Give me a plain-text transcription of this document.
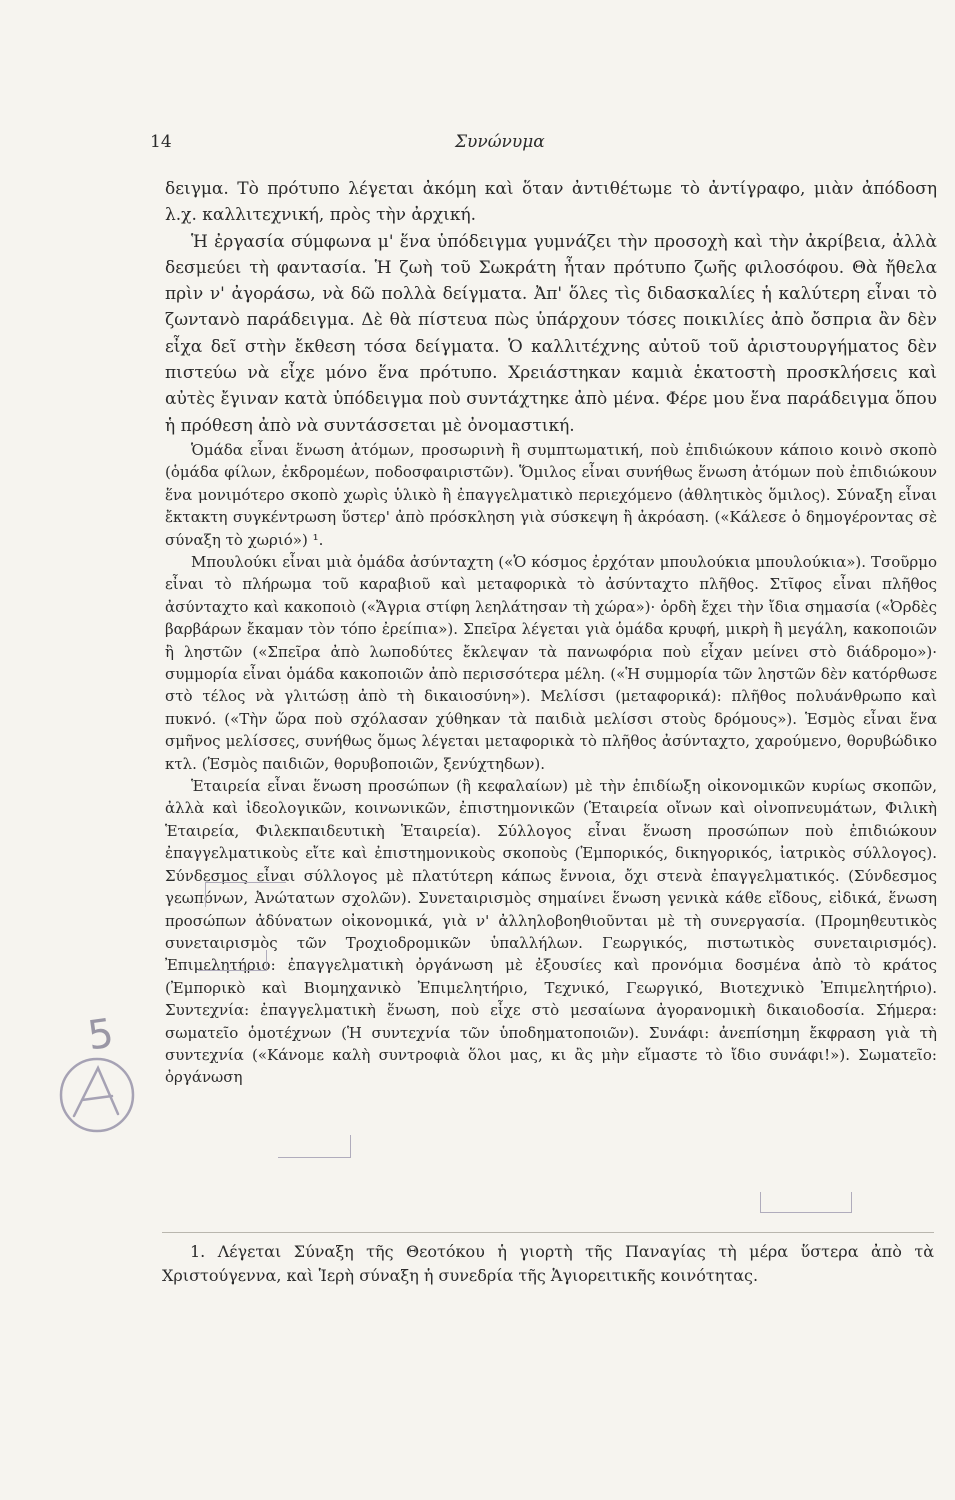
14	Συνώνυμα

δειγμα. Τὸ πρότυπο λέγεται ἀκόμη καὶ ὅταν ἀντιθέτωμε τὸ ἀντίγραφο, μιὰν ἀπόδοση λ.χ. καλλιτεχνική, πρὸς τὴν ἀρχική.

Ἡ ἐργασία σύμφωνα μ' ἕνα ὑπόδειγμα γυμνάζει τὴν προσοχὴ καὶ τὴν ἀκρίβεια, ἀλλὰ δεσμεύει τὴ φαντασία. Ἡ ζωὴ τοῦ Σωκράτη ἦταν πρότυπο ζωῆς φιλοσόφου. Θὰ ἤθελα πρὶν ν' ἀγοράσω, νὰ δῶ πολλὰ δείγματα. Ἀπ' ὅλες τὶς διδασκαλίες ἡ καλύτερη εἶναι τὸ ζωντανὸ παράδειγμα. Δὲ θὰ πίστευα πὼς ὑπάρχουν τόσες ποικιλίες ἀπὸ ὄσπρια ἂν δὲν εἶχα δεῖ στὴν ἔκθεση τόσα δείγματα. Ὁ καλλιτέχνης αὐτοῦ τοῦ ἀριστουργήματος δὲν πιστεύω νὰ εἶχε μόνο ἕνα πρότυπο. Χρειάστηκαν καμιὰ ἑκατοστὴ προσκλήσεις καὶ αὐτὲς ἔγιναν κατὰ ὑπόδειγμα ποὺ συντάχτηκε ἀπὸ μένα. Φέρε μου ἕνα παράδειγμα ὅπου ἡ πρόθεση ἀπὸ νὰ συντάσσεται μὲ ὀνομαστική.

Ὁμάδα εἶναι ἕνωση ἀτόμων, προσωρινὴ ἢ συμπτωματική, ποὺ ἐπιδιώκουν κάποιο κοινὸ σκοπὸ (ὁμάδα φίλων, ἐκδρομέων, ποδοσφαιριστῶν). Ὅμιλος εἶναι συνήθως ἕνωση ἀτόμων ποὺ ἐπιδιώκουν ἕνα μονιμότερο σκοπὸ χωρὶς ὑλικὸ ἢ ἐπαγγελματικὸ περιεχόμενο (ἀθλητικὸς ὅμιλος). Σύναξη εἶναι ἔκτακτη συγκέντρωση ὕστερ' ἀπὸ πρόσκληση γιὰ σύσκεψη ἢ ἀκρόαση. («Κάλεσε ὁ δημογέροντας σὲ σύναξη τὸ χωριό») ¹.

Μπουλούκι εἶναι μιὰ ὁμάδα ἀσύνταχτη («Ὁ κόσμος ἐρχόταν μπουλούκια μπουλούκια»). Τσοῦρμο εἶναι τὸ πλήρωμα τοῦ καραβιοῦ καὶ μεταφορικὰ τὸ ἀσύνταχτο πλῆθος. Στῖφος εἶναι πλῆθος ἀσύνταχτο καὶ κακοποιὸ («Ἄγρια στίφη λεηλάτησαν τὴ χώρα»)· ὁρδὴ ἔχει τὴν ἴδια σημασία («Ὀρδὲς βαρβάρων ἔκαμαν τὸν τόπο ἐρείπια»). Σπεῖρα λέγεται γιὰ ὁμάδα κρυφή, μικρὴ ἢ μεγάλη, κακοποιῶν ἢ ληστῶν («Σπεῖρα ἀπὸ λωποδύτες ἔκλεψαν τὰ πανωφόρια ποὺ εἶχαν μείνει στὸ διάδρομο»)· συμμορία εἶναι ὁμάδα κακοποιῶν ἀπὸ περισσότερα μέλη. («Ἡ συμμορία τῶν ληστῶν δὲν κατόρθωσε στὸ τέλος νὰ γλιτώσῃ ἀπὸ τὴ δικαιοσύνη»). Μελίσσι (μεταφορικά): πλῆθος πολυάνθρωπο καὶ πυκνό. («Τὴν ὥρα ποὺ σχόλασαν χύθηκαν τὰ παιδιὰ μελίσσι στοὺς δρόμους»). Ἑσμὸς εἶναι ἕνα σμῆνος μελίσσες, συνήθως ὅμως λέγεται μεταφορικὰ τὸ πλῆθος ἀσύνταχτο, χαρούμενο, θορυβώδικο κτλ. (Ἑσμὸς παιδιῶν, θορυβοποιῶν, ξενύχτηδων).

Ἑταιρεία εἶναι ἕνωση προσώπων (ἢ κεφαλαίων) μὲ τὴν ἐπιδίωξη οἰκονομικῶν κυρίως σκοπῶν, ἀλλὰ καὶ ἰδεολογικῶν, κοινωνικῶν, ἐπιστημονικῶν (Ἑταιρεία οἴνων καὶ οἰνοπνευμάτων, Φιλικὴ Ἑταιρεία, Φιλεκπαιδευτικὴ Ἑταιρεία). Σύλλογος εἶναι ἕνωση προσώπων ποὺ ἐπιδιώκουν ἐπαγγελματικοὺς εἴτε καὶ ἐπιστημονικοὺς σκοποὺς (Ἐμπορικός, δικηγορικός, ἰατρικὸς σύλλογος). Σύνδεσμος εἶναι σύλλογος μὲ πλατύτερη κάπως ἔννοια, ὄχι στενὰ ἐπαγγελματικός. (Σύνδεσμος γεωπόνων, Ἀνώτατων σχολῶν). Συνεταιρισμὸς σημαίνει ἕνωση γενικὰ κάθε εἴδους, εἰδικά, ἕνωση προσώπων ἀδύνατων οἰκονομικά, γιὰ ν' ἀλληλοβοηθιοῦνται μὲ τὴ συνεργασία. (Προμηθευτικὸς συνεταιρισμὸς τῶν Τροχιοδρομικῶν ὑπαλλήλων. Γεωργικός, πιστωτικὸς συνεταιρισμός). Ἐπιμελητήριο: ἐπαγγελματικὴ ὀργάνωση μὲ ἐξουσίες καὶ προνόμια δοσμένα ἀπὸ τὸ κράτος (Ἐμπορικὸ καὶ Βιομηχανικὸ Ἐπιμελητήριο, Τεχνικό, Γεωργικό, Βιοτεχνικὸ Ἐπιμελητήριο). Συντεχνία: ἐπαγγελματικὴ ἕνωση, ποὺ εἶχε στὸ μεσαίωνα ἀγορανομικὴ δικαιοδοσία. Σήμερα: σωματεῖο ὁμοτέχνων (Ἡ συντεχνία τῶν ὑποδηματοποιῶν). Συνάφι: ἀνεπίσημη ἔκφραση γιὰ τὴ συντεχνία («Κάνομε καλὴ συντροφιὰ ὅλοι μας, κι ἂς μὴν εἴμαστε τὸ ἴδιο συνάφι!»). Σωματεῖο: ὀργάνωση

1. Λέγεται Σύναξη τῆς Θεοτόκου ἡ γιορτὴ τῆς Παναγίας τὴ μέρα ὕστερα ἀπὸ τὰ Χριστούγεννα, καὶ Ἱερὴ σύναξη ἡ συνεδρία τῆς Ἁγιορειτικῆς κοινότητας.

5
